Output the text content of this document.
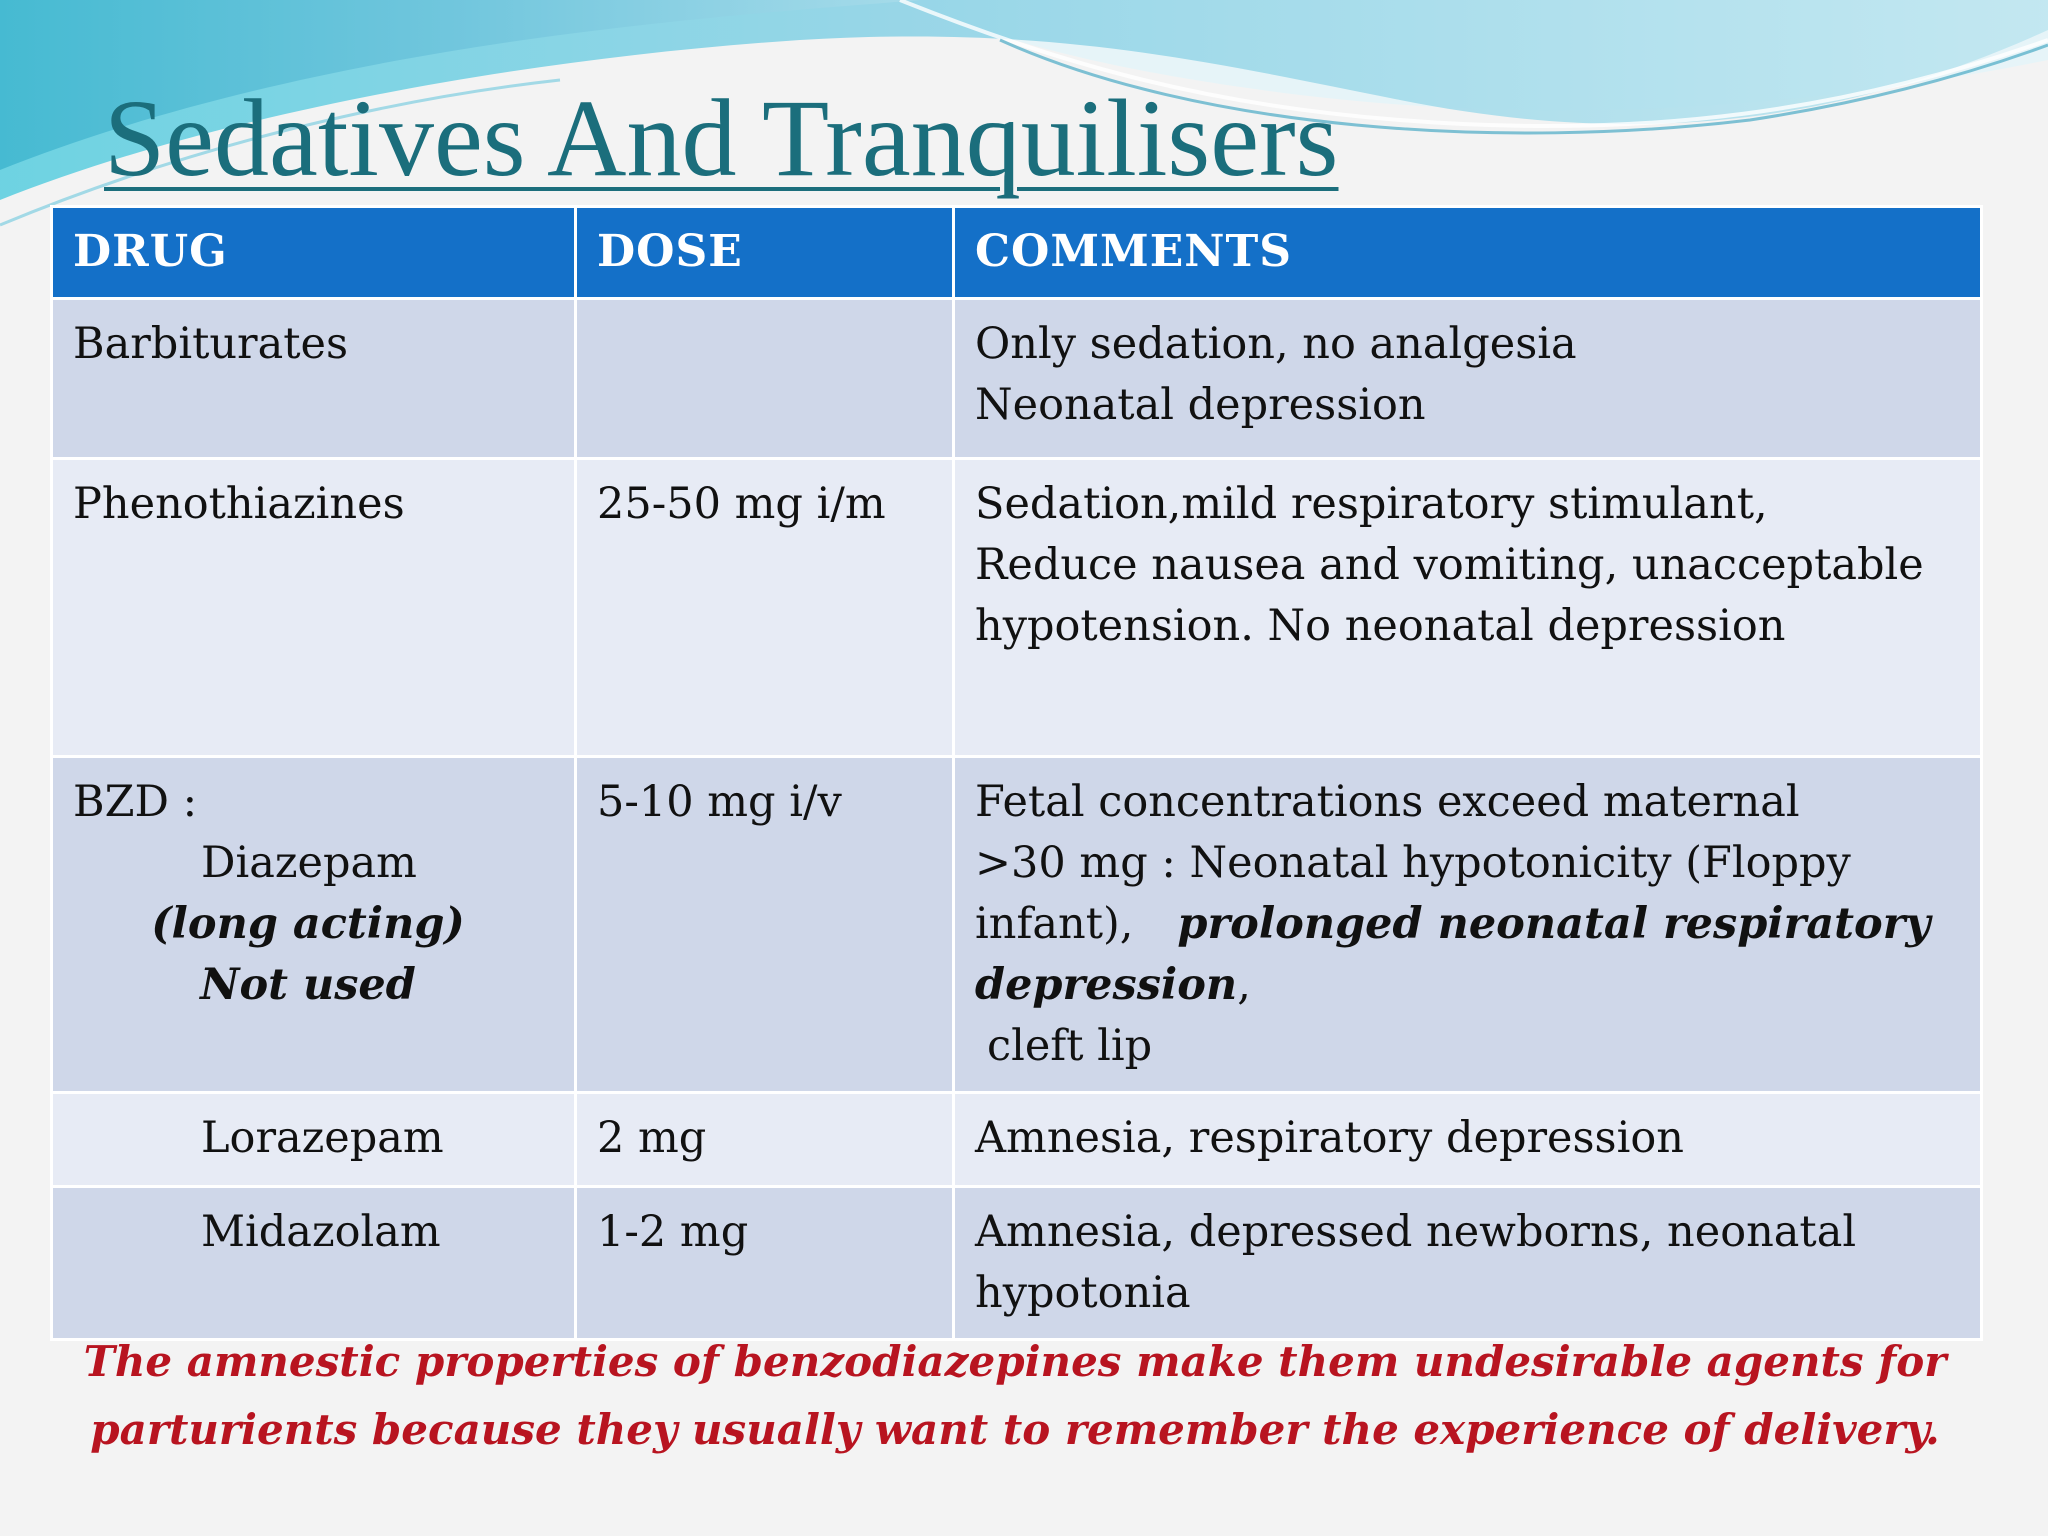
Sedatives And Tranquilisers
DRUG	DOSE	COMMENTS

Barbiturates		Only sedation, no analgesia
Neonatal depression

Phenothiazines	25-50 mg i/m	Sedation,mild respiratory stimulant,
Reduce nausea and vomiting, unacceptable
hypotension. No neonatal depression

BZD :
Diazepam
(long acting)
Not used	5-10 mg i/v	Fetal concentrations exceed maternal
>30 mg : Neonatal hypotonicity (Floppy
infant), prolonged neonatal respiratory
depression,
cleft lip

Lorazepam	2 mg	Amnesia, respiratory depression

Midazolam	1-2 mg	Amnesia, depressed newborns, neonatal
hypotonia
The amnestic properties of benzodiazepines make them undesirable agents for
parturients because they usually want to remember the experience of delivery.
